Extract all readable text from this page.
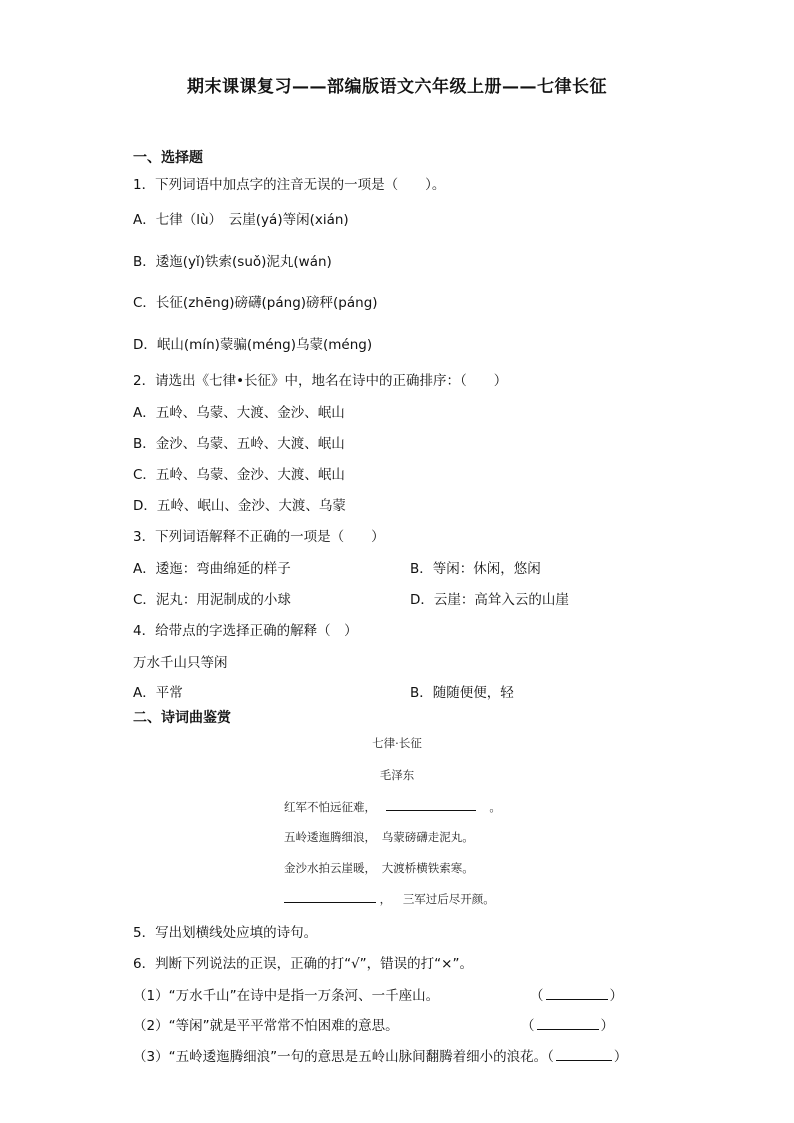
期末课课复习——部编版语文六年级上册——七律长征
一、选择题
1．下列词语中加点字的注音无误的一项是（　　）。
A．七律（lù）　云崖(yá)等闲(xián)
B．逶迤(yǐ)铁索(suǒ)泥丸(wán)
C．长征(zhēng)磅礴(páng)磅秤(páng)
D．岷山(mín)蒙骗(méng)乌蒙(méng)
2．请选出《七律•长征》中，地名在诗中的正确排序：（　　）
A．五岭、乌蒙、大渡、金沙、岷山
B．金沙、乌蒙、五岭、大渡、岷山
C．五岭、乌蒙、金沙、大渡、岷山
D．五岭、岷山、金沙、大渡、乌蒙
3．下列词语解释不正确的一项是（　　）
A．逶迤：弯曲绵延的样子	B．等闲：休闲，悠闲
C．泥丸：用泥制成的小球	D．云崖：高耸入云的山崖
4．给带点的字选择正确的解释（　）
万水千山只等闲
A．平常	B．随随便便，轻
二、诗词曲鉴赏
七律·长征
毛泽东
红军不怕远征难，	。
五岭逶迤腾细浪，　乌蒙磅礴走泥丸。
金沙水拍云崖暖，　大渡桥横铁索寒。
， 三军过后尽开颜。
5．写出划横线处应填的诗句。
6．判断下列说法的正误，正确的打“√”，错误的打“×”。
（1）“万水千山”在诗中是指一万条河、一千座山。	（	）
（2）“等闲”就是平平常常不怕困难的意思。	（	）
（3）“五岭逶迤腾细浪”一句的意思是五岭山脉间翻腾着细小的浪花。（	）
